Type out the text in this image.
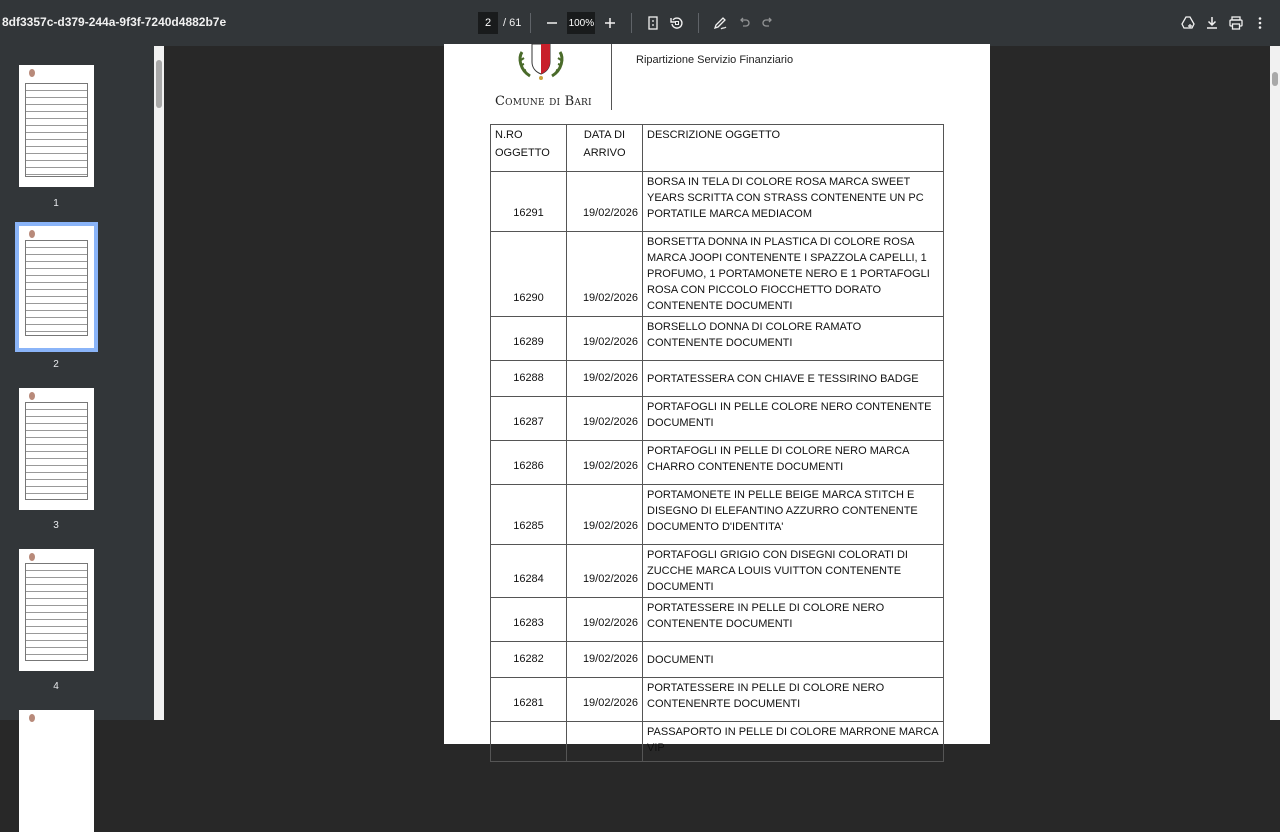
8df3357c-d379-244a-9f3f-7240d4882b7e	2	/ 61	100%
1
2
3
4
Comune di Bari
Ripartizione Servizio Finanziario
N.RO OGGETTO	DATA DI ARRIVO	DESCRIZIONE OGGETTO
16291	19/02/2026	BORSA IN TELA DI COLORE ROSA MARCA SWEET YEARS SCRITTA CON STRASS CONTENENTE UN PC PORTATILE MARCA MEDIACOM
16290	19/02/2026	BORSETTA DONNA IN PLASTICA DI COLORE ROSA MARCA JOOPI CONTENENTE I SPAZZOLA CAPELLI, 1 PROFUMO, 1 PORTAMONETE NERO E 1 PORTAFOGLI ROSA CON PICCOLO FIOCCHETTO DORATO CONTENENTE DOCUMENTI
16289	19/02/2026	BORSELLO DONNA DI COLORE RAMATO CONTENENTE DOCUMENTI
16288	19/02/2026	PORTATESSERA CON CHIAVE E TESSIRINO BADGE
16287	19/02/2026	PORTAFOGLI IN PELLE COLORE NERO CONTENENTE DOCUMENTI
16286	19/02/2026	PORTAFOGLI IN PELLE DI COLORE NERO MARCA CHARRO CONTENENTE DOCUMENTI
16285	19/02/2026	PORTAMONETE IN PELLE BEIGE MARCA STITCH E DISEGNO DI ELEFANTINO AZZURRO CONTENENTE DOCUMENTO D'IDENTITA'
16284	19/02/2026	PORTAFOGLI GRIGIO CON DISEGNI COLORATI DI ZUCCHE MARCA LOUIS VUITTON CONTENENTE DOCUMENTI
16283	19/02/2026	PORTATESSERE IN PELLE DI COLORE NERO CONTENENTE DOCUMENTI
16282	19/02/2026	DOCUMENTI
16281	19/02/2026	PORTATESSERE IN PELLE DI COLORE NERO CONTENENRTE DOCUMENTI
		PASSAPORTO IN PELLE DI COLORE MARRONE MARCA VIP
